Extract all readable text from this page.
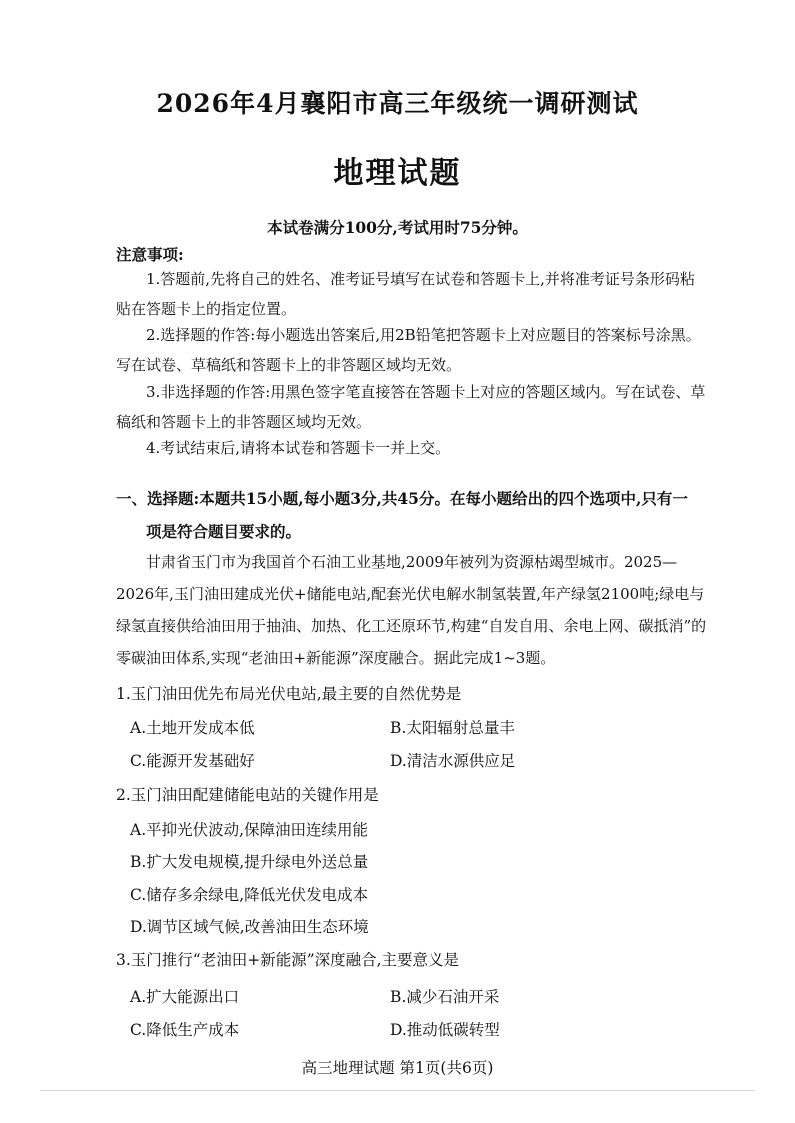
2026年4月襄阳市高三年级统一调研测试
地理试题
本试卷满分100分,考试用时75分钟。
注意事项:
1.答题前,先将自己的姓名、准考证号填写在试卷和答题卡上,并将准考证号条形码粘贴在答题卡上的指定位置。
2.选择题的作答:每小题选出答案后,用2B铅笔把答题卡上对应题目的答案标号涂黑。写在试卷、草稿纸和答题卡上的非答题区域均无效。
3.非选择题的作答:用黑色签字笔直接答在答题卡上对应的答题区域内。写在试卷、草稿纸和答题卡上的非答题区域均无效。
4.考试结束后,请将本试卷和答题卡一并上交。
一、选择题:本题共15小题,每小题3分,共45分。在每小题给出的四个选项中,只有一
项是符合题目要求的。
甘肃省玉门市为我国首个石油工业基地,2009年被列为资源枯竭型城市。2025—2026年,玉门油田建成光伏+储能电站,配套光伏电解水制氢装置,年产绿氢2100吨;绿电与绿氢直接供给油田用于抽油、加热、化工还原环节,构建“自发自用、余电上网、碳抵消”的零碳油田体系,实现“老油田+新能源”深度融合。据此完成1~3题。
1.玉门油田优先布局光伏电站,最主要的自然优势是
A.土地开发成本低	B.太阳辐射总量丰
C.能源开发基础好	D.清洁水源供应足
2.玉门油田配建储能电站的关键作用是
A.平抑光伏波动,保障油田连续用能
B.扩大发电规模,提升绿电外送总量
C.储存多余绿电,降低光伏发电成本
D.调节区域气候,改善油田生态环境
3.玉门推行“老油田+新能源”深度融合,主要意义是
A.扩大能源出口	B.减少石油开采
C.降低生产成本	D.推动低碳转型
高三地理试题 第1页(共6页)
